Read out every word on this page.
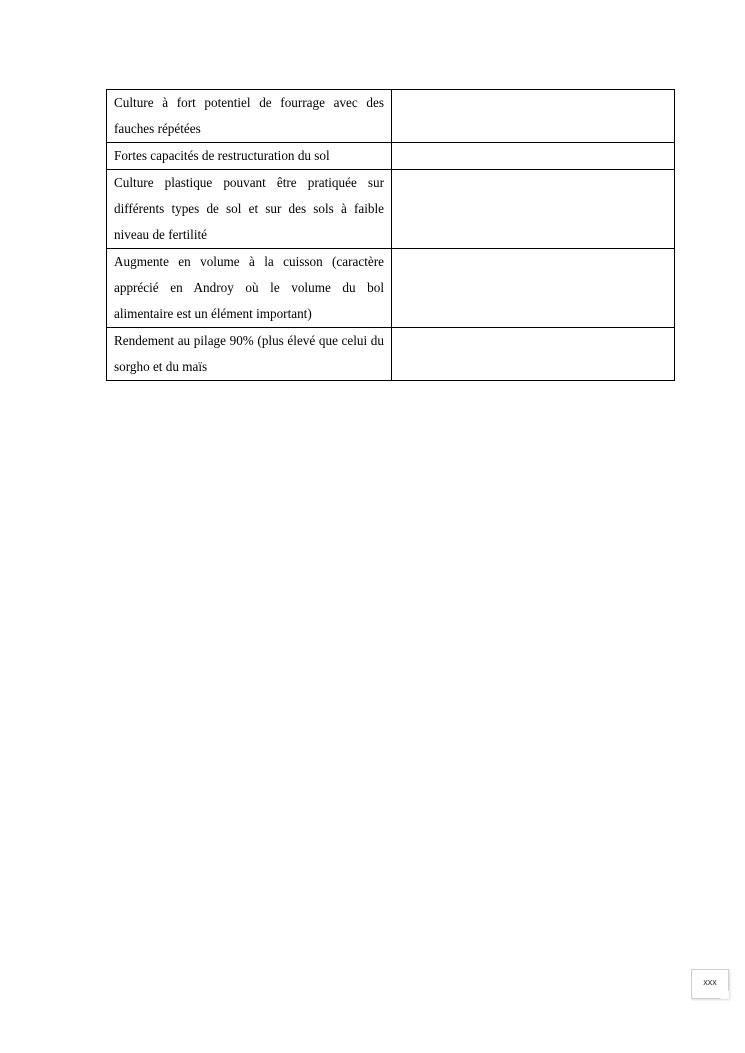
Culture à fort potentiel de fourrage avec des fauches répétées	
Fortes capacités de restructuration du sol	
Culture plastique pouvant être pratiquée sur différents types de sol et sur des sols à faible niveau de fertilité	
Augmente en volume à la cuisson (caractère apprécié en Androy où le volume du bol alimentaire est un élément important)	
Rendement au pilage 90% (plus élevé que celui du sorgho et du maïs	
xxx
